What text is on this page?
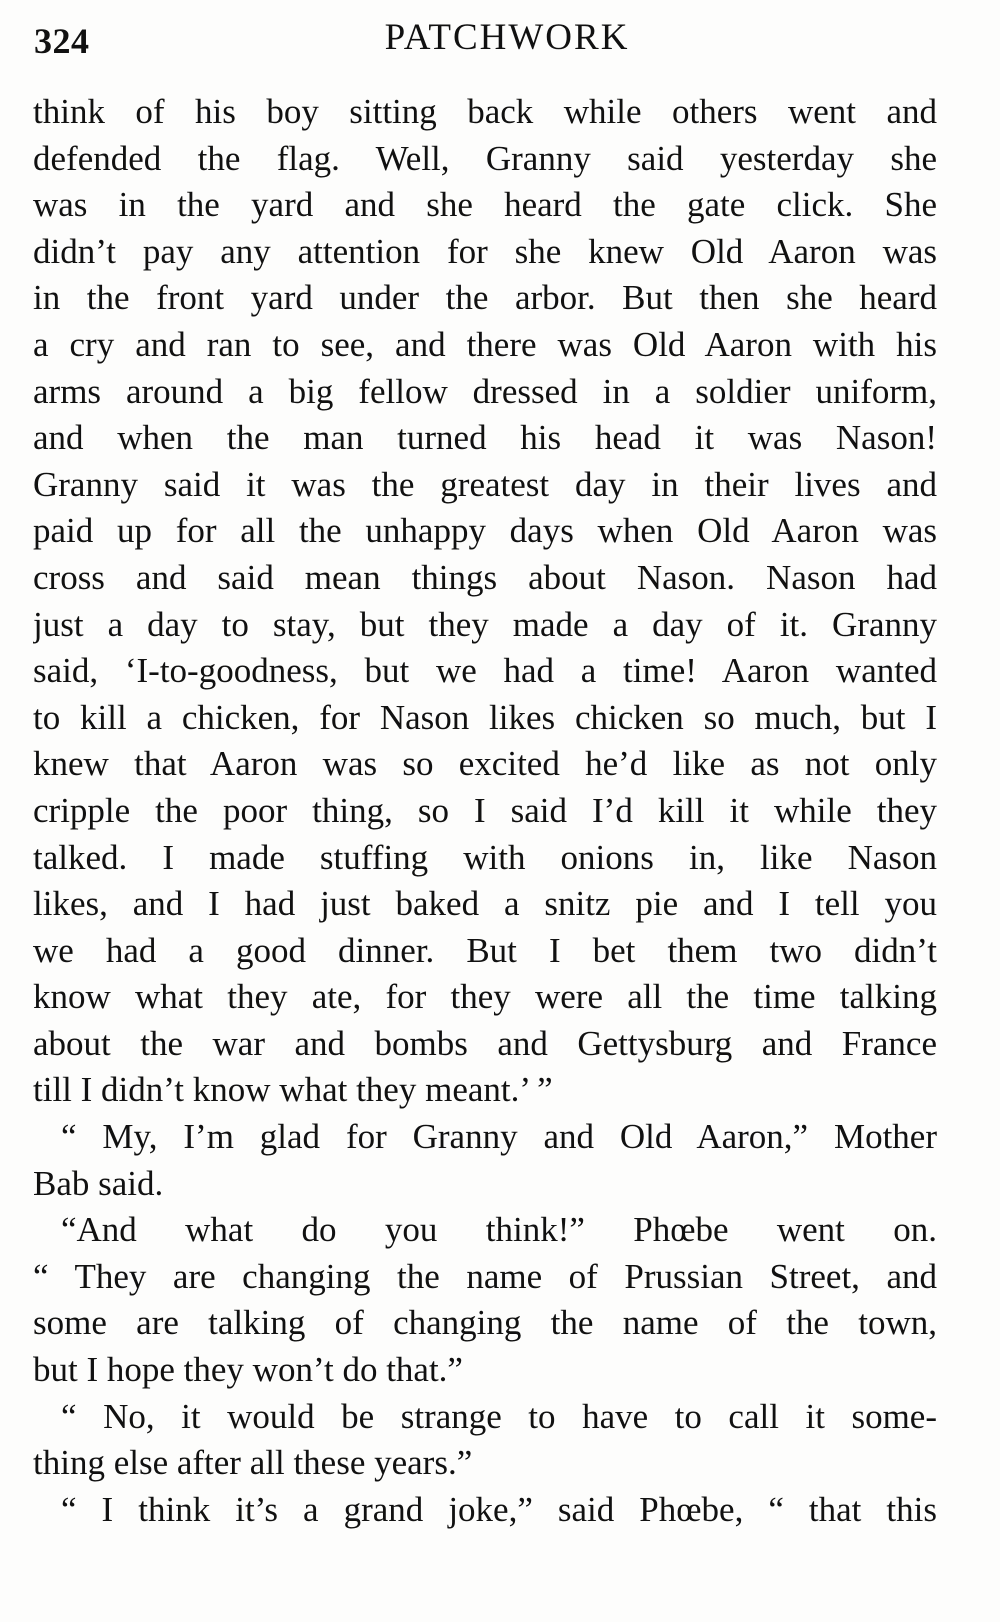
324	PATCHWORK
think of his boy sitting back while others went and
defended the flag. Well, Granny said yesterday she
was in the yard and she heard the gate click. She
didn’t pay any attention for she knew Old Aaron was
in the front yard under the arbor. But then she heard
a cry and ran to see, and there was Old Aaron with his
arms around a big fellow dressed in a soldier uniform,
and when the man turned his head it was Nason!
Granny said it was the greatest day in their lives and
paid up for all the unhappy days when Old Aaron was
cross and said mean things about Nason. Nason had
just a day to stay, but they made a day of it. Granny
said, ‘I-to-goodness, but we had a time! Aaron wanted
to kill a chicken, for Nason likes chicken so much, but I
knew that Aaron was so excited he’d like as not only
cripple the poor thing, so I said I’d kill it while they
talked. I made stuffing with onions in, like Nason
likes, and I had just baked a snitz pie and I tell you
we had a good dinner. But I bet them two didn’t
know what they ate, for they were all the time talking
about the war and bombs and Gettysburg and France
till I didn’t know what they meant.’ ”
“ My, I’m glad for Granny and Old Aaron,” Mother
Bab said.
“And what do you think!” Phœbe went on.
“ They are changing the name of Prussian Street, and
some are talking of changing the name of the town,
but I hope they won’t do that.”
“ No, it would be strange to have to call it some-
thing else after all these years.”
“ I think it’s a grand joke,” said Phœbe, “ that this
